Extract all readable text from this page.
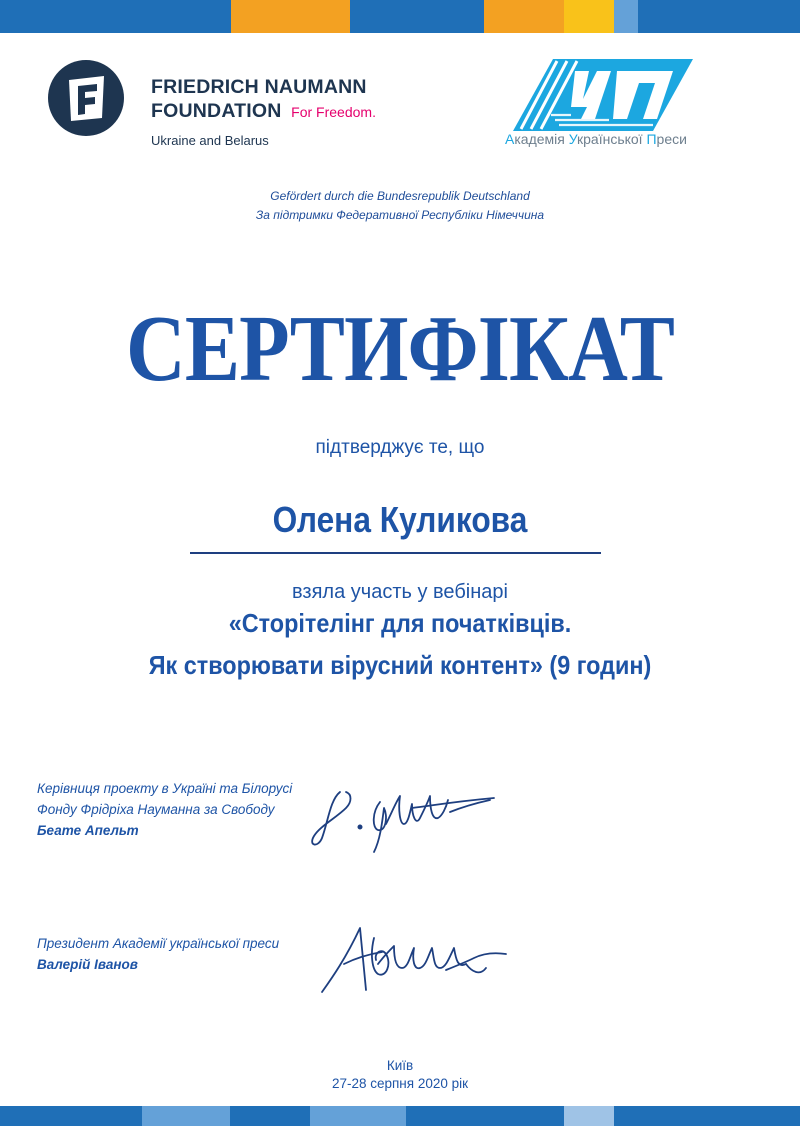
FRIEDRICH NAUMANN
FOUNDATION For Freedom.
Ukraine and Belarus	Академія Української Преси
Gefördert durch die Bundesrepublik Deutschland
За підтримки Федеративної Республіки Німеччина
СЕРТИФІКАТ
підтверджує те, що
Олена Куликова
взяла участь у вебінарі
«Сторітелінг для початківців.
Як створювати вірусний контент» (9 годин)
Керівниця проекту в Україні та Білорусі
Фонду Фрідріха Науманна за Свободу
Беате Апельт
Президент Академії української преси
Валерій Іванов
Київ
27-28 серпня 2020 рік
